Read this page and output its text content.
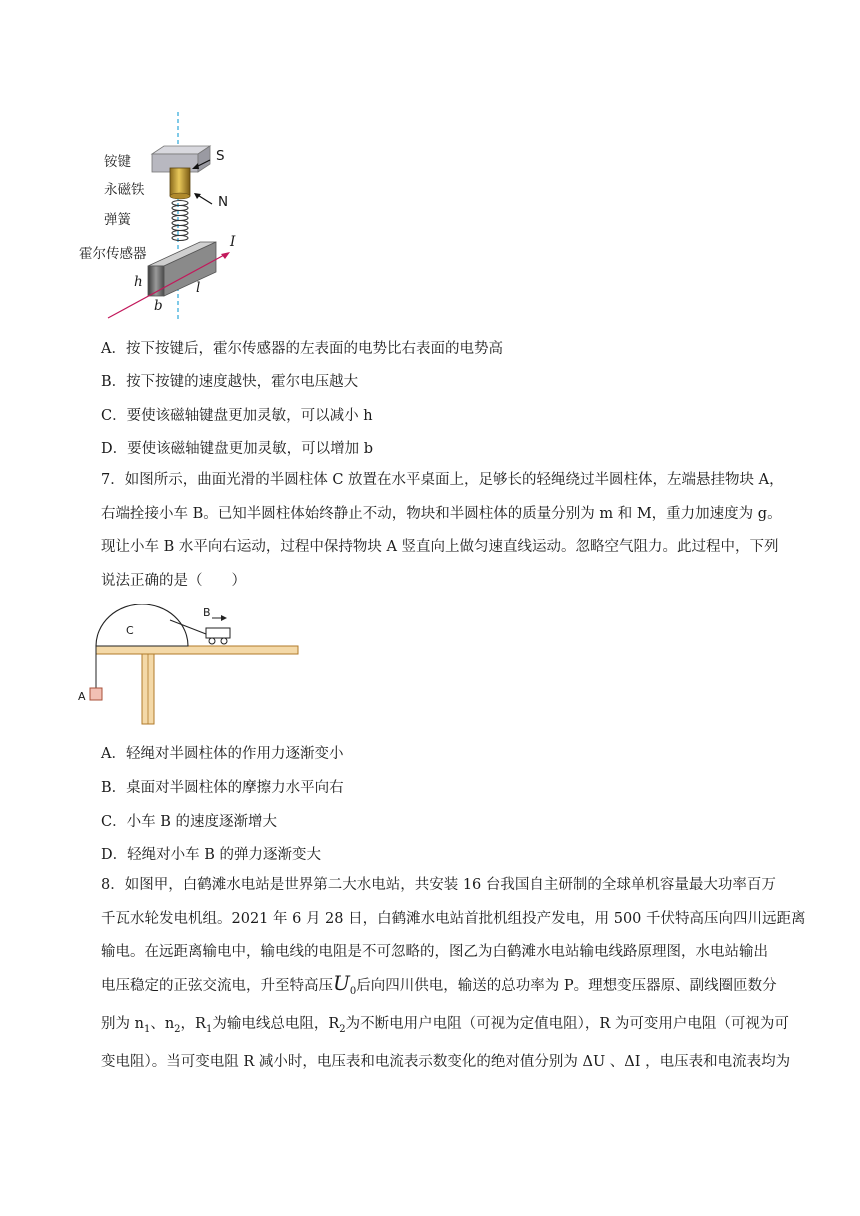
铵键
永磁铁
弹簧
霍尔传感器
S
N
I
h
b
l
A．按下按键后，霍尔传感器的左表面的电势比右表面的电势高
B．按下按键的速度越快，霍尔电压越大
C．要使该磁轴键盘更加灵敏，可以减小 h
D．要使该磁轴键盘更加灵敏，可以增加 b
7．如图所示，曲面光滑的半圆柱体 C 放置在水平桌面上，足够长的轻绳绕过半圆柱体，左端悬挂物块 A，
右端拴接小车 B。已知半圆柱体始终静止不动，物块和半圆柱体的质量分别为 m 和 M，重力加速度为 g。
现让小车 B 水平向右运动，过程中保持物块 A 竖直向上做匀速直线运动。忽略空气阻力。此过程中，下列
说法正确的是（　　）
C
B
A
A．轻绳对半圆柱体的作用力逐渐变小
B．桌面对半圆柱体的摩擦力水平向右
C．小车 B 的速度逐渐增大
D．轻绳对小车 B 的弹力逐渐变大
8．如图甲，白鹤滩水电站是世界第二大水电站，共安装 16 台我国自主研制的全球单机容量最大功率百万
千瓦水轮发电机组。2021 年 6 月 28 日，白鹤滩水电站首批机组投产发电，用 500 千伏特高压向四川远距离
输电。在远距离输电中，输电线的电阻是不可忽略的，图乙为白鹤滩水电站输电线路原理图，水电站输出
电压稳定的正弦交流电，升至特高压$U_0$后向四川供电，输送的总功率为 P。理想变压器原、副线圈匝数分
别为 $n_1$、$n_2$，$R_1$为输电线总电阻，$R_2$为不断电用户电阻（可视为定值电阻），R 为可变用户电阻（可视为可
变电阻）。当可变电阻 R 减小时，电压表和电流表示数变化的绝对值分别为 ΔU 、ΔI ，电压表和电流表均为
